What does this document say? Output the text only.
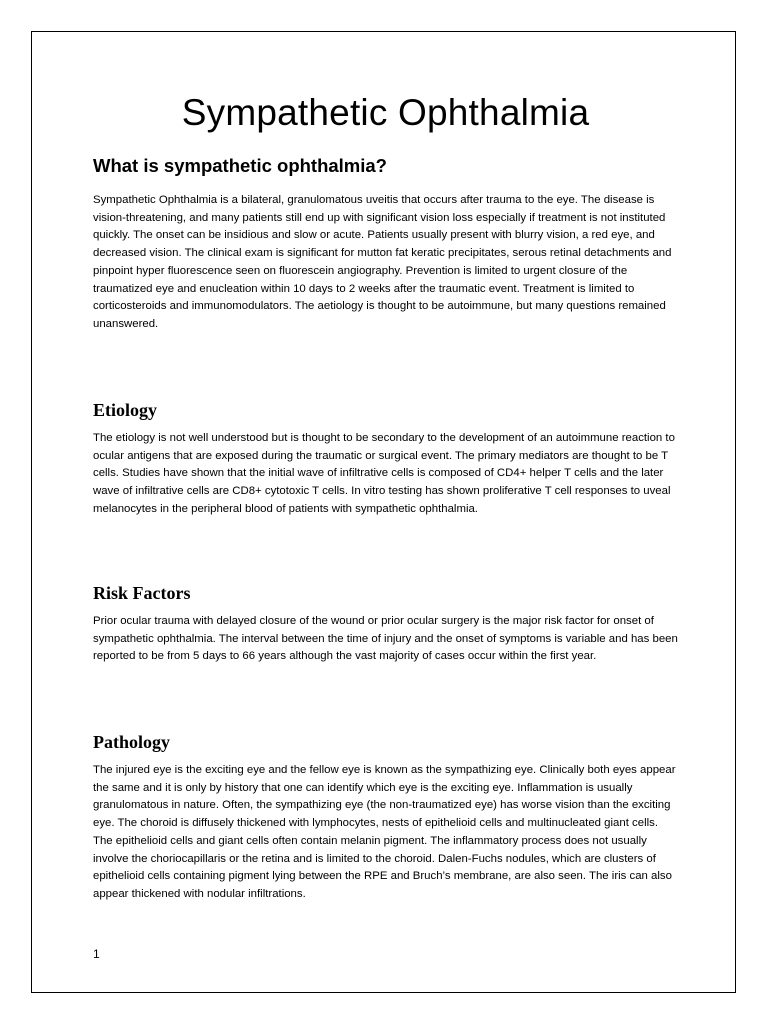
Sympathetic Ophthalmia
What is sympathetic ophthalmia?

Sympathetic Ophthalmia is a bilateral, granulomatous uveitis that occurs after trauma to the eye. The disease is vision-threatening, and many patients still end up with significant vision loss especially if treatment is not instituted quickly. The onset can be insidious and slow or acute. Patients usually present with blurry vision, a red eye, and decreased vision. The clinical exam is significant for mutton fat keratic precipitates, serous retinal detachments and pinpoint hyper fluorescence seen on fluorescein angiography. Prevention is limited to urgent closure of the traumatized eye and enucleation within 10 days to 2 weeks after the traumatic event. Treatment is limited to corticosteroids and immunomodulators. The aetiology is thought to be autoimmune, but many questions remained unanswered.

Etiology

The etiology is not well understood but is thought to be secondary to the development of an autoimmune reaction to ocular antigens that are exposed during the traumatic or surgical event. The primary mediators are thought to be T cells. Studies have shown that the initial wave of infiltrative cells is composed of CD4+ helper T cells and the later wave of infiltrative cells are CD8+ cytotoxic T cells. In vitro testing has shown proliferative T cell responses to uveal melanocytes in the peripheral blood of patients with sympathetic ophthalmia.

Risk Factors

Prior ocular trauma with delayed closure of the wound or prior ocular surgery is the major risk factor for onset of sympathetic ophthalmia. The interval between the time of injury and the onset of symptoms is variable and has been reported to be from 5 days to 66 years although the vast majority of cases occur within the first year.

Pathology

The injured eye is the exciting eye and the fellow eye is known as the sympathizing eye. Clinically both eyes appear the same and it is only by history that one can identify which eye is the exciting eye. Inflammation is usually granulomatous in nature. Often, the sympathizing eye (the non-traumatized eye) has worse vision than the exciting eye. The choroid is diffusely thickened with lymphocytes, nests of epithelioid cells and multinucleated giant cells. The epithelioid cells and giant cells often contain melanin pigment. The inflammatory process does not usually involve the choriocapillaris or the retina and is limited to the choroid. Dalen-Fuchs nodules, which are clusters of epithelioid cells containing pigment lying between the RPE and Bruch’s membrane, are also seen. The iris can also appear thickened with nodular infiltrations.

1
